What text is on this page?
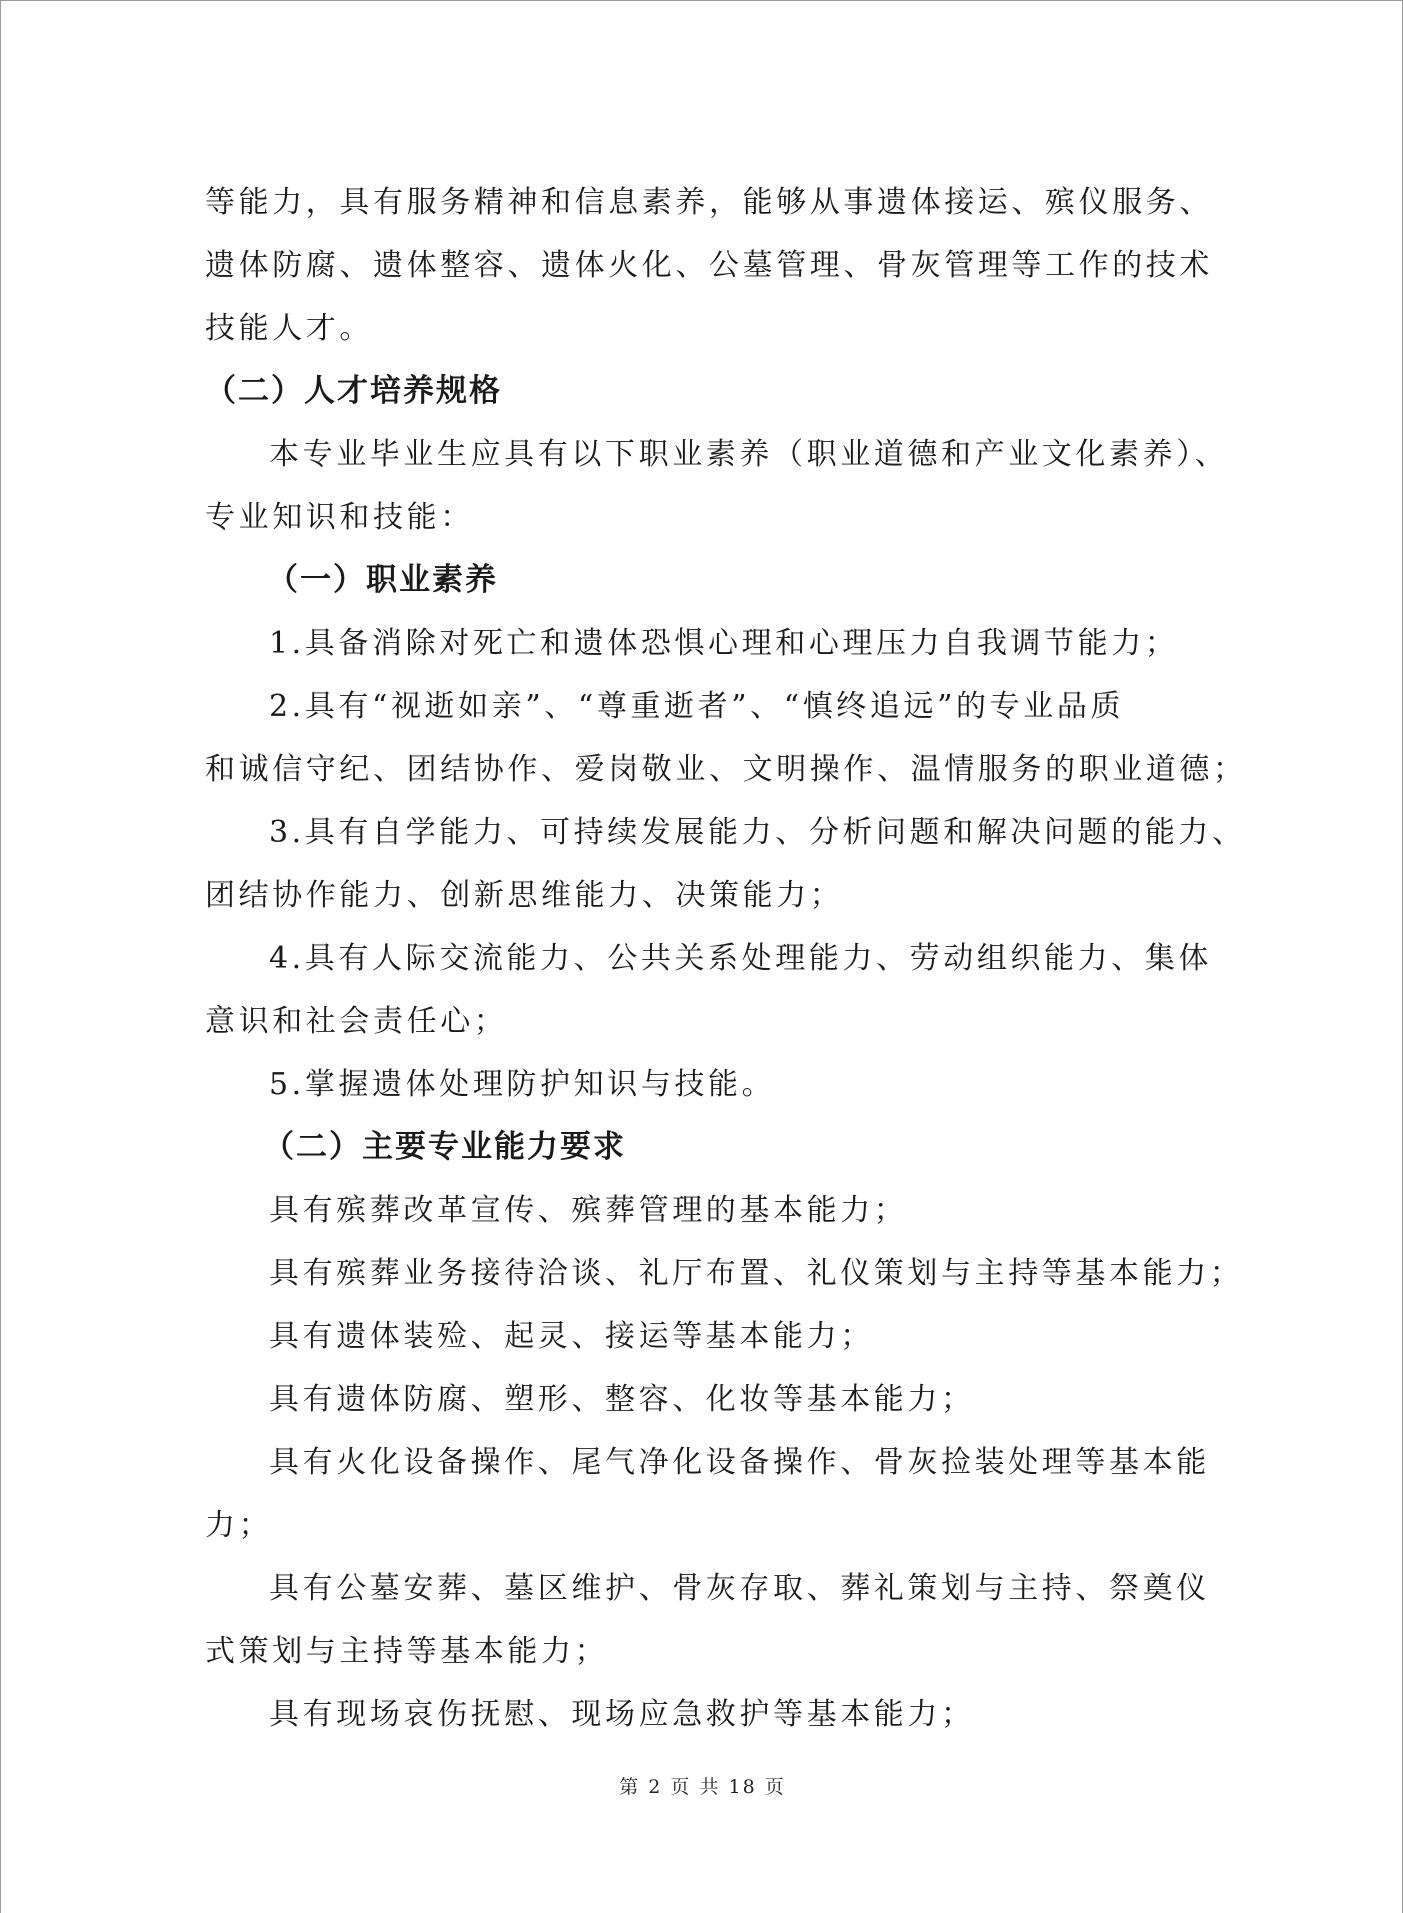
等能力，具有服务精神和信息素养，能够从事遗体接运、殡仪服务、
遗体防腐、遗体整容、遗体火化、公墓管理、骨灰管理等工作的技术
技能人才。
（二）人才培养规格
本专业毕业生应具有以下职业素养（职业道德和产业文化素养）、
专业知识和技能：
（一）职业素养
1.具备消除对死亡和遗体恐惧心理和心理压力自我调节能力；
2.具有“视逝如亲”、“尊重逝者”、“慎终追远”的专业品质
和诚信守纪、团结协作、爱岗敬业、文明操作、温情服务的职业道德；
3.具有自学能力、可持续发展能力、分析问题和解决问题的能力、
团结协作能力、创新思维能力、决策能力；
4.具有人际交流能力、公共关系处理能力、劳动组织能力、集体
意识和社会责任心；
5.掌握遗体处理防护知识与技能。
（二）主要专业能力要求
具有殡葬改革宣传、殡葬管理的基本能力；
具有殡葬业务接待洽谈、礼厅布置、礼仪策划与主持等基本能力；
具有遗体装殓、起灵、接运等基本能力；
具有遗体防腐、塑形、整容、化妆等基本能力；
具有火化设备操作、尾气净化设备操作、骨灰捡装处理等基本能
力；
具有公墓安葬、墓区维护、骨灰存取、葬礼策划与主持、祭奠仪
式策划与主持等基本能力；
具有现场哀伤抚慰、现场应急救护等基本能力；
第 2 页 共 18 页
